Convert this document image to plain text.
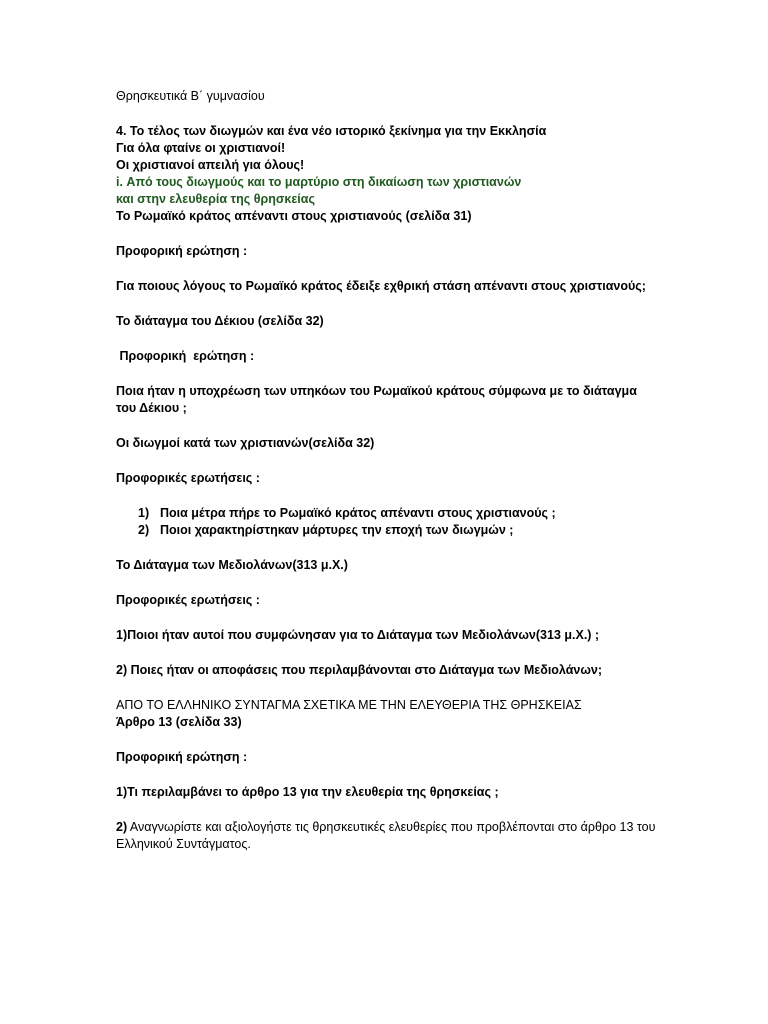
Θρησκευτικά Β΄ γυμνασίου

4. Το τέλος των διωγμών και ένα νέο ιστορικό ξεκίνημα για την Εκκλησία

Για όλα φταίνε οι χριστιανοί!

Οι χριστιανοί απειλή για όλους!

i. Από τους διωγμούς και το μαρτύριο στη δικαίωση των χριστιανών

και στην ελευθερία της θρησκείας

Το Ρωμαϊκό κράτος απέναντι στους χριστιανούς (σελίδα 31)

Προφορική ερώτηση :

Για ποιους λόγους το Ρωμαϊκό κράτος έδειξε εχθρική στάση απέναντι στους χριστιανούς;

Το διάταγμα του Δέκιου (σελίδα 32)

Προφορική  ερώτηση :

Ποια ήταν η υποχρέωση των υπηκόων του Ρωμαϊκού κράτους σύμφωνα με το διάταγμα του Δέκιου ;

Οι διωγμοί κατά των χριστιανών(σελίδα 32)

Προφορικές ερωτήσεις :

1) Ποια μέτρα πήρε το Ρωμαϊκό κράτος απέναντι στους χριστιανούς ;
2) Ποιοι χαρακτηρίστηκαν μάρτυρες την εποχή των διωγμών ;

Το Διάταγμα των Μεδιολάνων(313 μ.Χ.)

Προφορικές ερωτήσεις :

1)Ποιοι ήταν αυτοί που συμφώνησαν για το Διάταγμα των Μεδιολάνων(313 μ.Χ.) ;

2) Ποιες ήταν οι αποφάσεις που περιλαμβάνονται στο Διάταγμα των Μεδιολάνων;

ΑΠΟ ΤΟ ΕΛΛΗΝΙΚΟ ΣΥΝΤΑΓΜΑ ΣΧΕΤΙΚΑ ΜΕ ΤΗΝ ΕΛΕΥΘΕΡΙΑ ΤΗΣ ΘΡΗΣΚΕΙΑΣ

Άρθρο 13 (σελίδα 33)

Προφορική ερώτηση :

1)Τι περιλαμβάνει το άρθρο 13 για την ελευθερία της θρησκείας ;

2) Αναγνωρίστε και αξιολογήστε τις θρησκευτικές ελευθερίες που προβλέπονται στο άρθρο 13 του Ελληνικού Συντάγματος.
